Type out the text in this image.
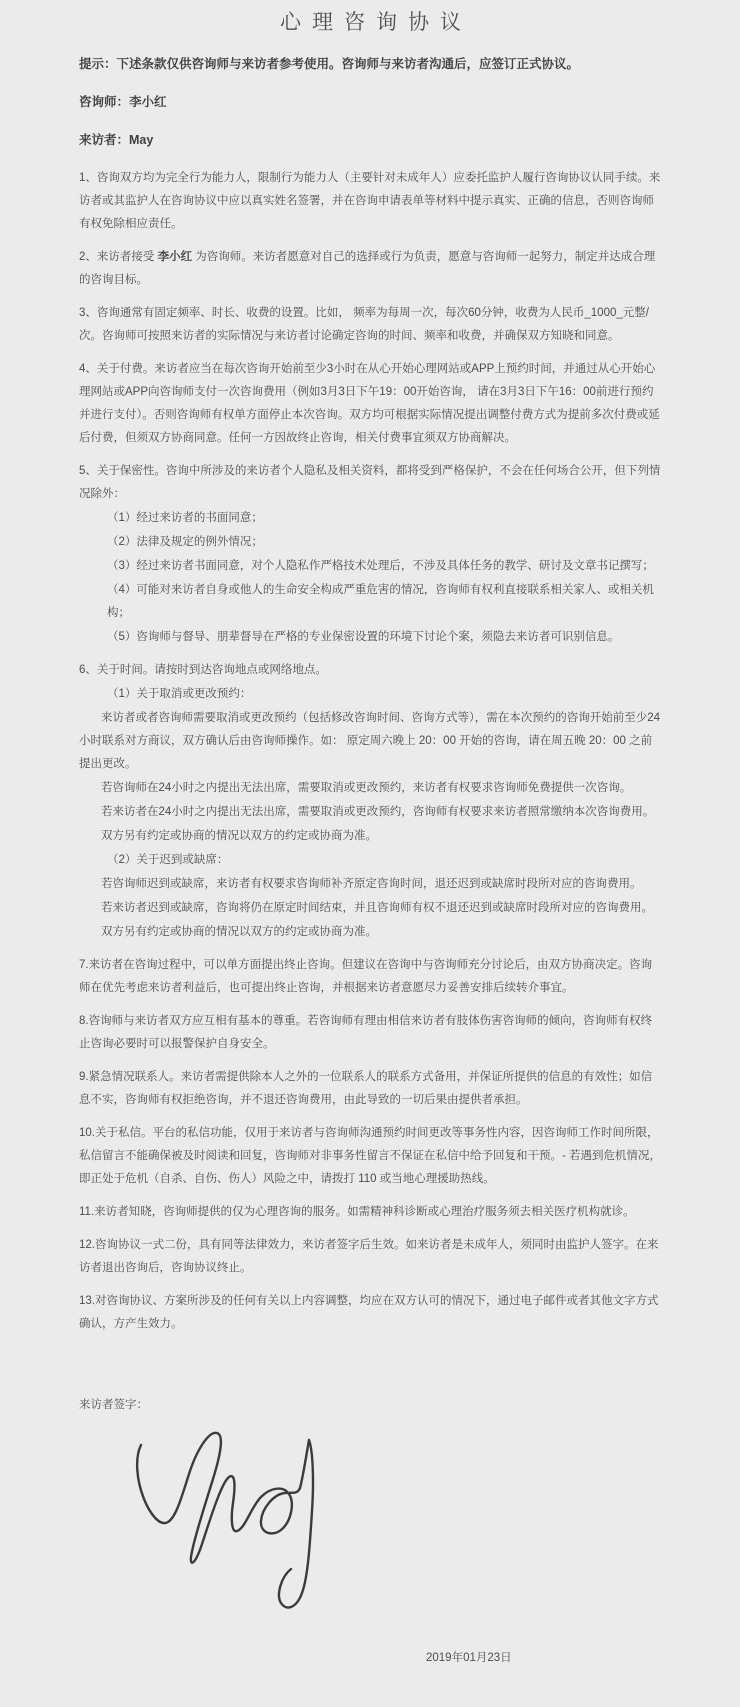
心理咨询协议

提示：下述条款仅供咨询师与来访者参考使用。咨询师与来访者沟通后，应签订正式协议。

咨询师：李小红

来访者：May

1、咨询双方均为完全行为能力人，限制行为能力人（主要针对未成年人）应委托监护人履行咨询协议认同手续。来访者或其监护人在咨询协议中应以真实姓名签署，并在咨询申请表单等材料中提示真实、正确的信息，否则咨询师有权免除相应责任。

2、来访者接受 李小红 为咨询师。来访者愿意对自己的选择或行为负责，愿意与咨询师一起努力，制定并达成合理的咨询目标。

3、咨询通常有固定频率、时长、收费的设置。比如， 频率为每周一次，每次60分钟，收费为人民币_1000_元整/次。咨询师可按照来访者的实际情况与来访者讨论确定咨询的时间、频率和收费，并确保双方知晓和同意。

4、关于付费。来访者应当在每次咨询开始前至少3小时在从心开始心理网站或APP上预约时间，并通过从心开始心理网站或APP向咨询师支付一次咨询费用（例如3月3日下午19：00开始咨询， 请在3月3日下午16：00前进行预约并进行支付）。否则咨询师有权单方面停止本次咨询。双方均可根据实际情况提出调整付费方式为提前多次付费或延后付费，但须双方协商同意。任何一方因故终止咨询，相关付费事宜须双方协商解决。

5、关于保密性。咨询中所涉及的来访者个人隐私及相关资料，都将受到严格保护，不会在任何场合公开，但下列情况除外：

（1）经过来访者的书面同意；

（2）法律及规定的例外情况；

（3）经过来访者书面同意，对个人隐私作严格技术处理后，不涉及具体任务的教学、研讨及文章书记撰写；

（4）可能对来访者自身或他人的生命安全构成严重危害的情况，咨询师有权利直接联系相关家人、或相关机构；

（5）咨询师与督导、朋辈督导在严格的专业保密设置的环境下讨论个案，须隐去来访者可识别信息。

6、关于时间。请按时到达咨询地点或网络地点。

（1）关于取消或更改预约：

来访者或者咨询师需要取消或更改预约（包括修改咨询时间、咨询方式等），需在本次预约的咨询开始前至少24小时联系对方商议，双方确认后由咨询师操作。如： 原定周六晚上 20：00 开始的咨询，请在周五晚 20：00 之前提出更改。

若咨询师在24小时之内提出无法出席，需要取消或更改预约，来访者有权要求咨询师免费提供一次咨询。

若来访者在24小时之内提出无法出席，需要取消或更改预约，咨询师有权要求来访者照常缴纳本次咨询费用。

双方另有约定或协商的情况以双方的约定或协商为准。

（2）关于迟到或缺席：

若咨询师迟到或缺席，来访者有权要求咨询师补齐原定咨询时间，退还迟到或缺席时段所对应的咨询费用。

若来访者迟到或缺席，咨询将仍在原定时间结束，并且咨询师有权不退还迟到或缺席时段所对应的咨询费用。

双方另有约定或协商的情况以双方的约定或协商为准。

7.来访者在咨询过程中，可以单方面提出终止咨询。但建议在咨询中与咨询师充分讨论后，由双方协商决定。咨询师在优先考虑来访者利益后，也可提出终止咨询，并根据来访者意愿尽力妥善安排后续转介事宜。

8.咨询师与来访者双方应互相有基本的尊重。若咨询师有理由相信来访者有肢体伤害咨询师的倾向，咨询师有权终止咨询必要时可以报警保护自身安全。

9.紧急情况联系人。来访者需提供除本人之外的一位联系人的联系方式备用，并保证所提供的信息的有效性；如信息不实，咨询师有权拒绝咨询，并不退还咨询费用，由此导致的一切后果由提供者承担。

10.关于私信。平台的私信功能，仅用于来访者与咨询师沟通预约时间更改等事务性内容，因咨询师工作时间所限，私信留言不能确保被及时阅读和回复，咨询师对非事务性留言不保证在私信中给予回复和干预。- 若遇到危机情况，即正处于危机（自杀、自伤、伤人）风险之中，请拨打 110 或当地心理援助热线。

11.来访者知晓，咨询师提供的仅为心理咨询的服务。如需精神科诊断或心理治疗服务须去相关医疗机构就诊。

12.咨询协议一式二份，具有同等法律效力，来访者签字后生效。如来访者是未成年人，须同时由监护人签字。在来访者退出咨询后，咨询协议终止。

13.对咨询协议、方案所涉及的任何有关以上内容调整，均应在双方认可的情况下，通过电子邮件或者其他文字方式确认，方产生效力。

来访者签字：

2019年01月23日
